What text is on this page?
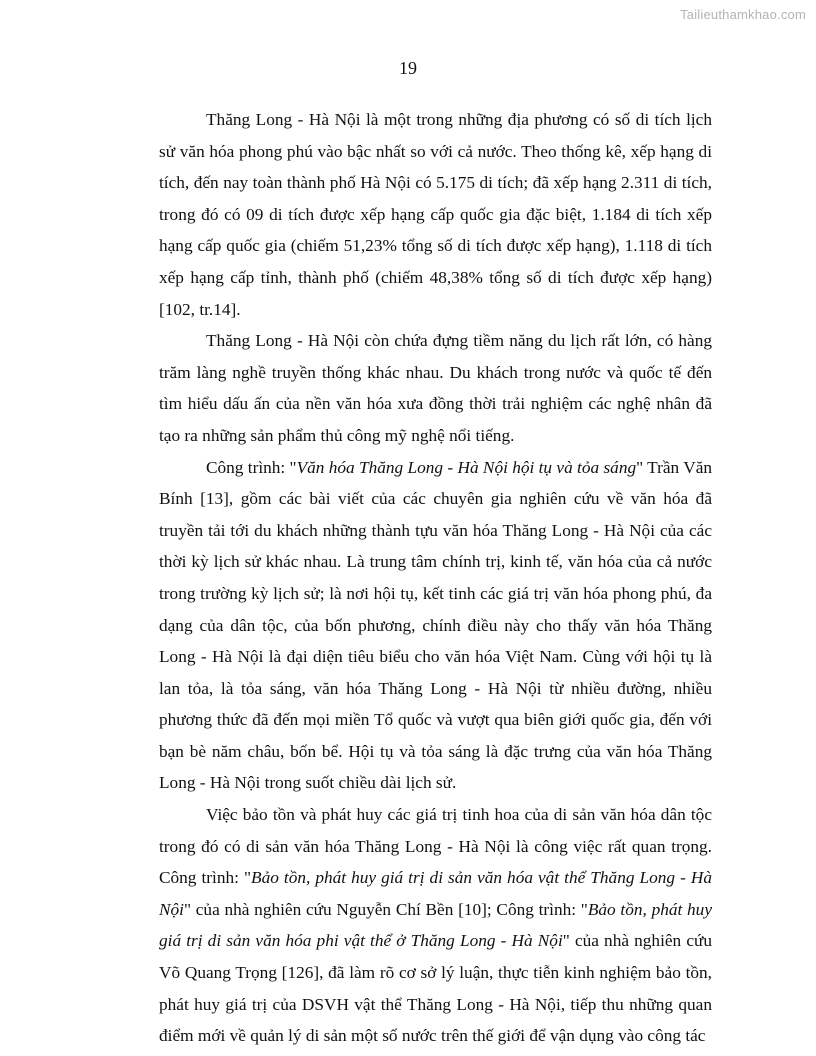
Tailieuthamkhao.com
19

Thăng Long - Hà Nội là một trong những địa phương có số di tích lịch sử văn hóa phong phú vào bậc nhất so với cả nước. Theo thống kê, xếp hạng di tích, đến nay toàn thành phố Hà Nội có 5.175 di tích; đã xếp hạng 2.311 di tích, trong đó có 09 di tích được xếp hạng cấp quốc gia đặc biệt, 1.184 di tích xếp hạng cấp quốc gia (chiếm 51,23% tổng số di tích được xếp hạng), 1.118 di tích xếp hạng cấp tỉnh, thành phố (chiếm 48,38% tổng số di tích được xếp hạng) [102, tr.14].

Thăng Long - Hà Nội còn chứa đựng tiềm năng du lịch rất lớn, có hàng trăm làng nghề truyền thống khác nhau. Du khách trong nước và quốc tế đến tìm hiểu dấu ấn của nền văn hóa xưa đồng thời trải nghiệm các nghệ nhân đã tạo ra những sản phẩm thủ công mỹ nghệ nổi tiếng.

Công trình: "Văn hóa Thăng Long - Hà Nội hội tụ và tỏa sáng" Trần Văn Bính [13], gồm các bài viết của các chuyên gia nghiên cứu về văn hóa đã truyền tải tới du khách những thành tựu văn hóa Thăng Long - Hà Nội của các thời kỳ lịch sử khác nhau. Là trung tâm chính trị, kinh tế, văn hóa của cả nước trong trường kỳ lịch sử; là nơi hội tụ, kết tinh các giá trị văn hóa phong phú, đa dạng của dân tộc, của bốn phương, chính điều này cho thấy văn hóa Thăng Long - Hà Nội là đại diện tiêu biểu cho văn hóa Việt Nam. Cùng với hội tụ là lan tỏa, là tỏa sáng, văn hóa Thăng Long - Hà Nội từ nhiều đường, nhiều phương thức đã đến mọi miền Tổ quốc và vượt qua biên giới quốc gia, đến với bạn bè năm châu, bốn bể. Hội tụ và tỏa sáng là đặc trưng của văn hóa Thăng Long - Hà Nội trong suốt chiều dài lịch sử.

Việc bảo tồn và phát huy các giá trị tinh hoa của di sản văn hóa dân tộc trong đó có di sản văn hóa Thăng Long - Hà Nội là công việc rất quan trọng. Công trình: "Bảo tồn, phát huy giá trị di sản văn hóa vật thể Thăng Long - Hà Nội" của nhà nghiên cứu Nguyễn Chí Bền [10]; Công trình: "Bảo tồn, phát huy giá trị di sản văn hóa phi vật thể ở Thăng Long - Hà Nội" của nhà nghiên cứu Võ Quang Trọng [126], đã làm rõ cơ sở lý luận, thực tiễn kinh nghiệm bảo tồn, phát huy giá trị của DSVH vật thể Thăng Long - Hà Nội, tiếp thu những quan điểm mới về quản lý di sản một số nước trên thế giới để vận dụng vào công tác
